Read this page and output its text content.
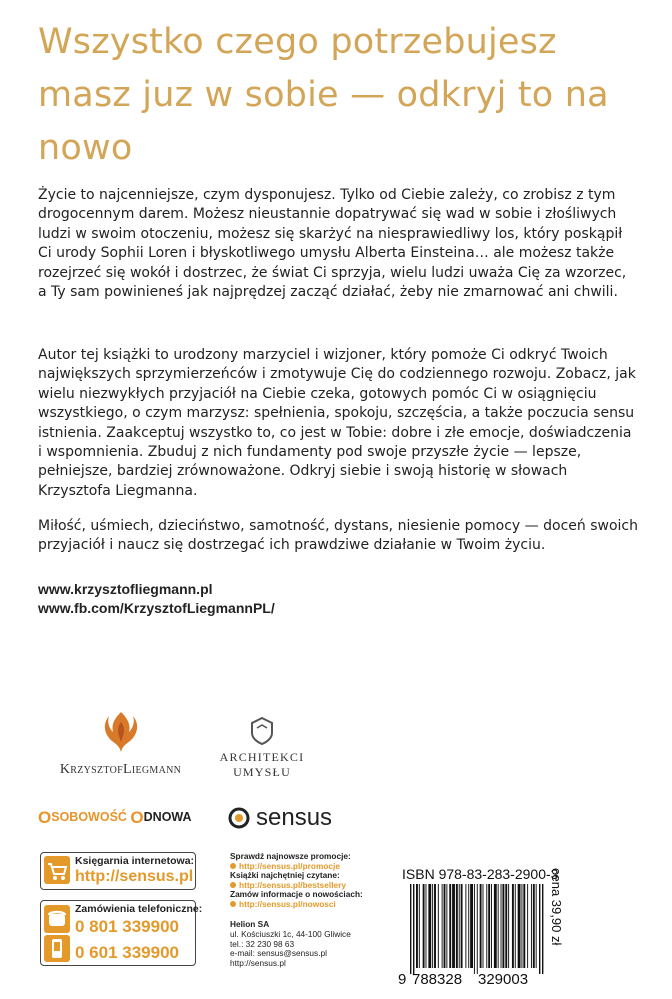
Wszystko czego potrzebujesz masz juz w sobie — odkryj to na nowo
Życie to najcenniejsze, czym dysponujesz. Tylko od Ciebie zależy, co zrobisz z tym drogocennym darem. Możesz nieustannie dopatrywać się wad w sobie i złośliwych ludzi w swoim otoczeniu, możesz się skarżyć na niesprawiedliwy los, który poskąpił Ci urody Sophii Loren i błyskotliwego umysłu Alberta Einsteina… ale możesz także rozejrzeć się wokół i dostrzec, że świat Ci sprzyja, wielu ludzi uważa Cię za wzorzec, a Ty sam powinieneś jak najprędzej zacząć działać, żeby nie zmarnować ani chwili.
Autor tej książki to urodzony marzyciel i wizjoner, który pomoże Ci odkryć Twoich największych sprzymierzeńców i zmotywuje Cię do codziennego rozwoju. Zobacz, jak wielu niezwykłych przyjaciół na Ciebie czeka, gotowych pomóc Ci w osiągnięciu wszystkiego, o czym marzysz: spełnienia, spokoju, szczęścia, a także poczucia sensu istnienia. Zaakceptuj wszystko to, co jest w Tobie: dobre i złe emocje, doświadczenia i wspomnienia. Zbuduj z nich fundamenty pod swoje przyszłe życie — lepsze, pełniejsze, bardziej zrównoważone. Odkryj siebie i swoją historię w słowach Krzysztofa Liegmanna.
Miłość, uśmiech, dzieciństwo, samotność, dystans, niesienie pomocy — doceń swoich przyjaciół i naucz się dostrzegać ich prawdziwe działanie w Twoim życiu.
www.krzysztofliegmann.pl
www.fb.com/KrzysztofLiegmannPL/
KrzysztofLiegmann
ARCHITEKCI
UMYSŁU
OSOBOWOŚĆ ODNOWA	sensus
Księgarnia internetowa:
http://sensus.pl
Zamówienia telefoniczne:
0 801 339900
0 601 339900
Sprawdź najnowsze promocje:
http://sensus.pl/promocje
Książki najchętniej czytane:
http://sensus.pl/bestsellery
Zamów informacje o nowościach:
http://sensus.pl/nowosci
Helion SA
ul. Kościuszki 1c, 44-100 Gliwice
tel.: 32 230 98 63
e-mail: sensus@sensus.pl
http://sensus.pl
ISBN 978-83-283-2900-3
9 788328 329003
cena 39,90 zł
